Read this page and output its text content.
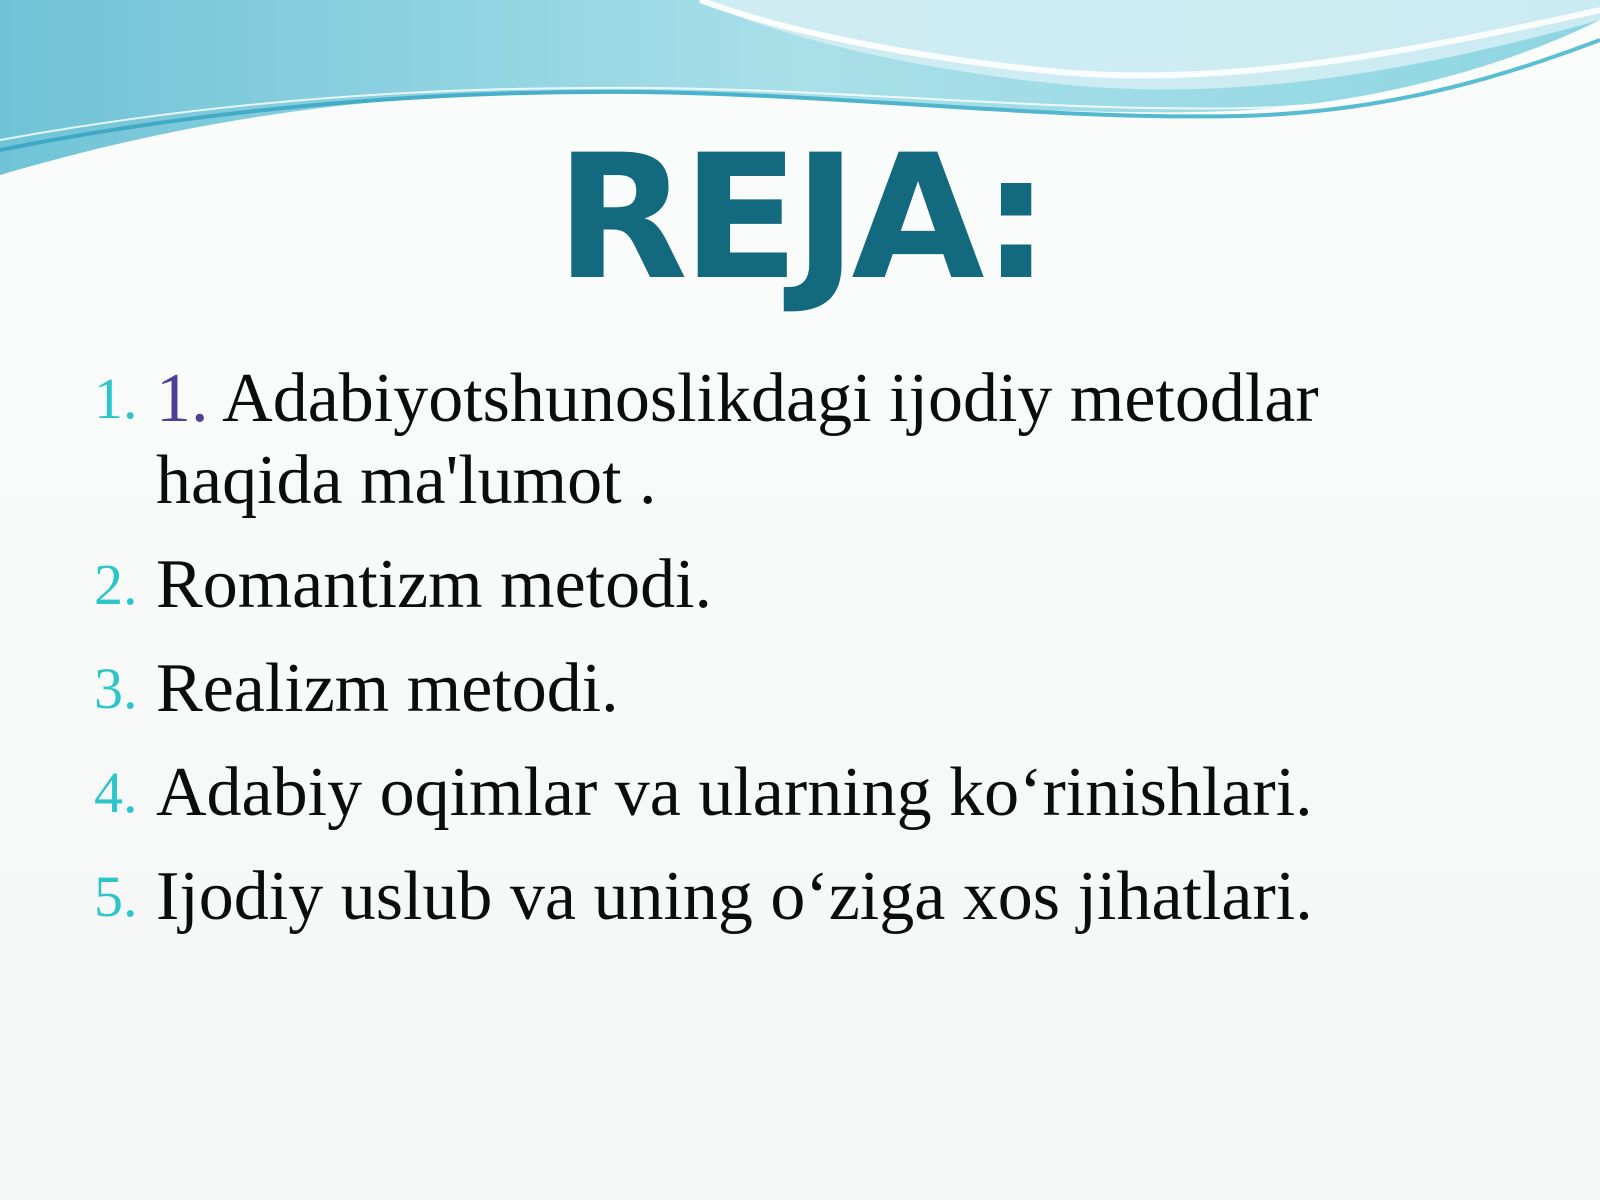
REJA:
1. 1. Adabiyotshunoslikdagi ijodiy metodlar haqida ma'lumot .
2. Romantizm metodi.
3. Realizm metodi.
4. Adabiy oqimlar va ularning ko‘rinishlari.
5. Ijodiy uslub va uning o‘ziga xos jihatlari.
